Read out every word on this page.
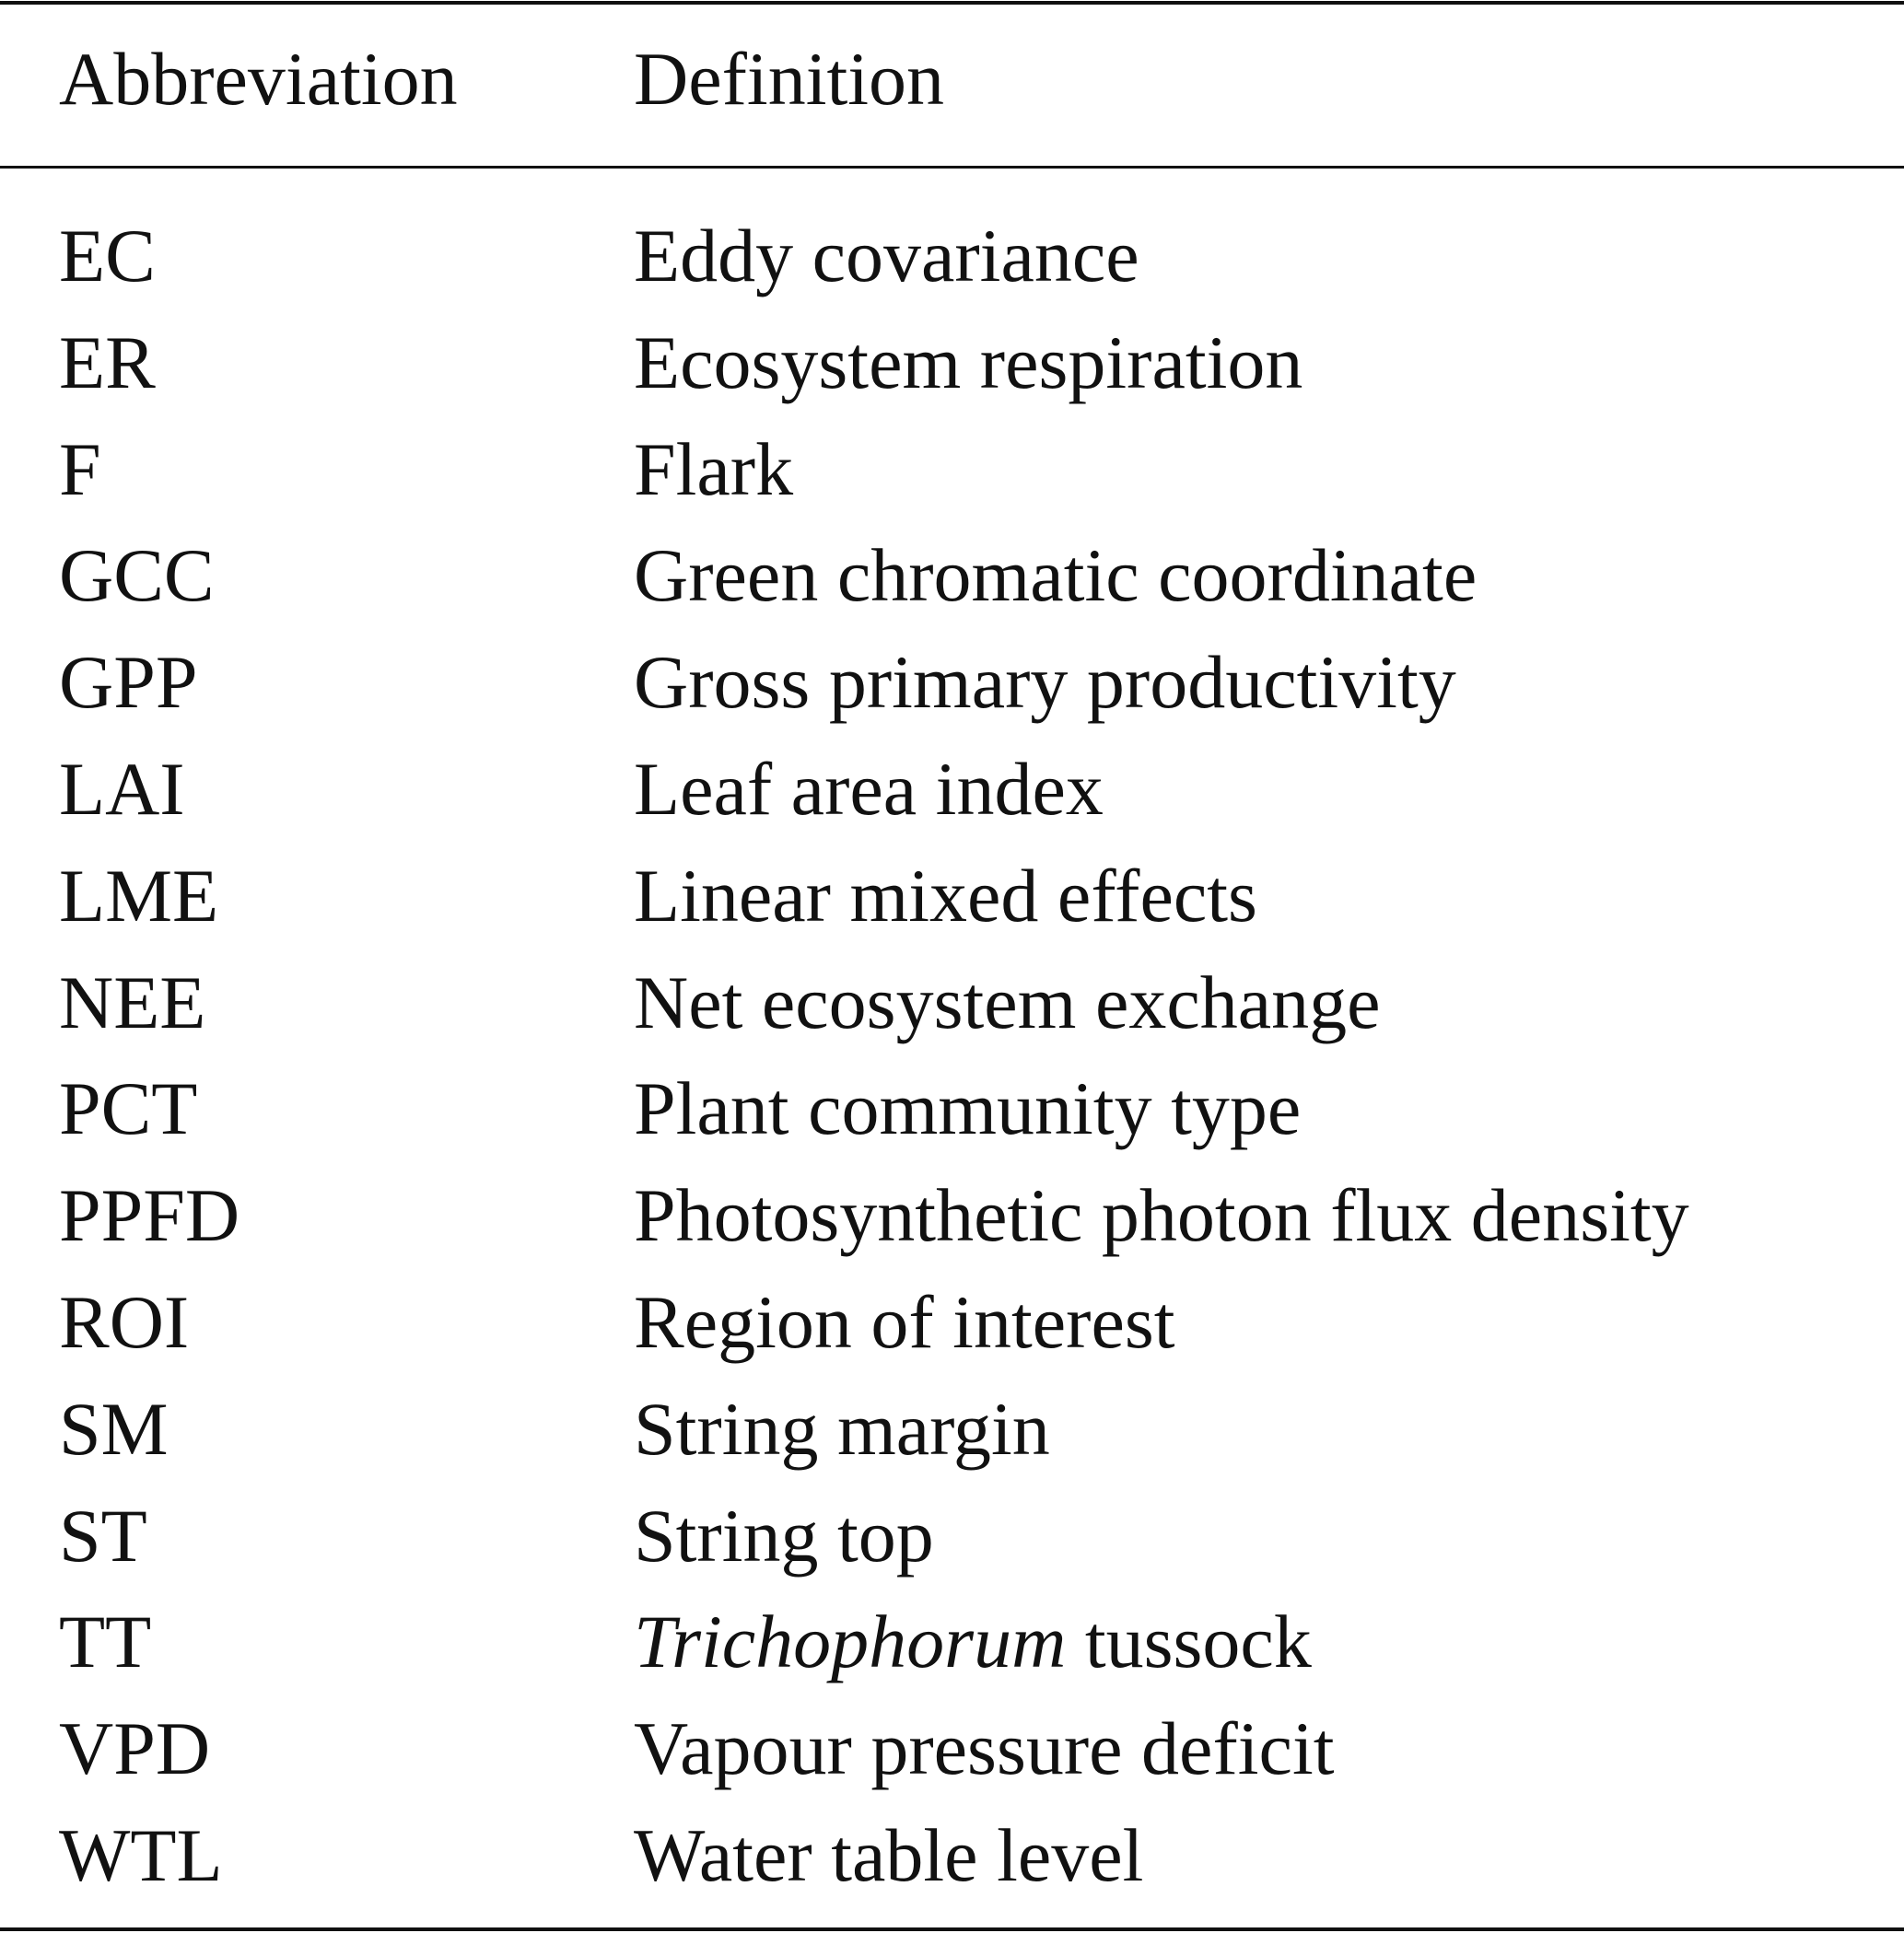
Abbreviation Definition
EC	Eddy covariance
ER	Ecosystem respiration
F	Flark
GCC	Green chromatic coordinate
GPP	Gross primary productivity
LAI	Leaf area index
LME	Linear mixed effects
NEE	Net ecosystem exchange
PCT	Plant community type
PPFD	Photosynthetic photon flux density
ROI	Region of interest
SM	String margin
ST	String top
TT	Trichophorum tussock
VPD	Vapour pressure deficit
WTL	Water table level
